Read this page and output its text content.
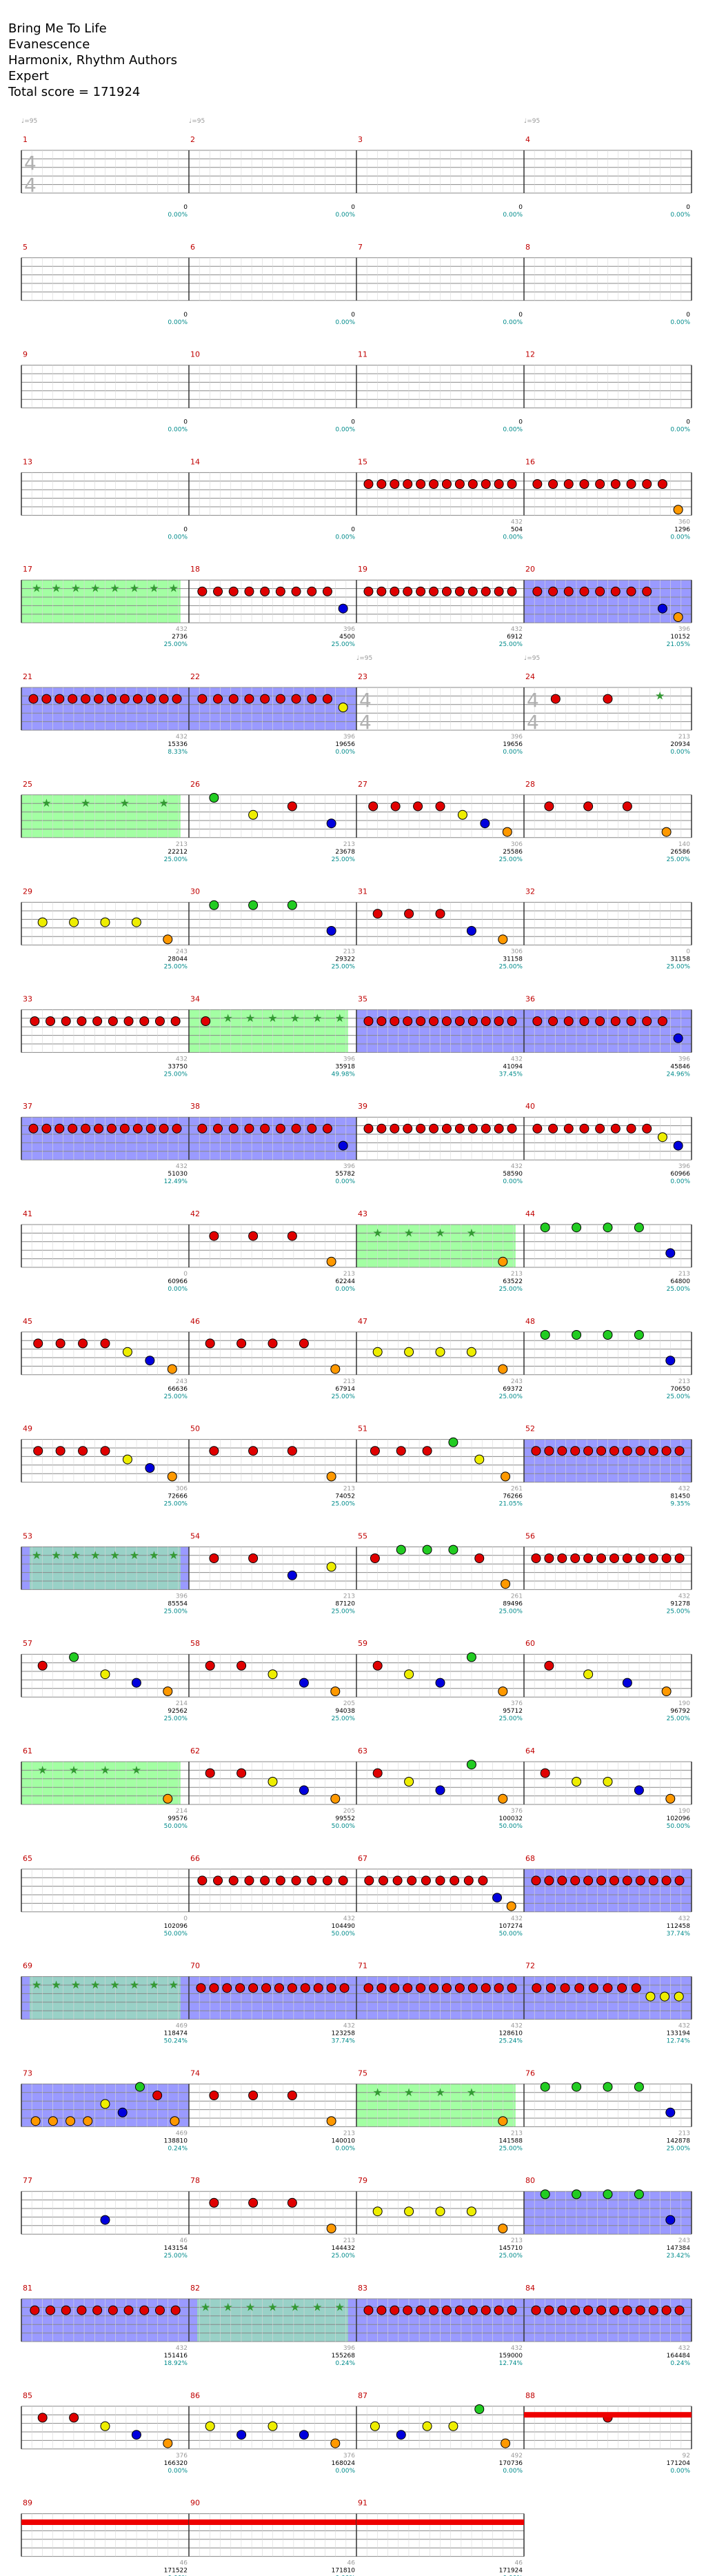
Bring Me To Life
Evanescence
Harmonix, Rhythm Authors
Expert
Total score = 171924
1
♩=95
4
4
0
0.00%
2
♩=95
0
0.00%
3
0
0.00%
4
♩=95
0
0.00%
5
0
0.00%
6
0
0.00%
7
0
0.00%
8
0
0.00%
9
0
0.00%
10
0
0.00%
11
0
0.00%
12
0
0.00%
13
0
0.00%
14
0
0.00%
15
432
504
0.00%
16
360
1296
0.00%
17
★ ★ ★ ★ ★ ★ ★ ★
432
2736
25.00%
18
396
4500
25.00%
19
432
6912
25.00%
20
396
10152
21.05%
21
432
15336
8.33%
22
396
19656
0.00%
23
♩=95
4
4
396
19656
0.00%
24
♩=95
4
4
★
213
20934
0.00%
25
★	★	★	★
213
22212
25.00%
26
213
23678
25.00%
27
306
25586
25.00%
28
140
26586
25.00%
29
243
28044
25.00%
30
213
29322
25.00%
31
306
31158
25.00%
32
0
31158
25.00%
33
432
33750
25.00%
34
★ ★ ★ ★ ★ ★
396
35918
49.98%
35
432
41094
37.45%
36
396
45846
24.96%
37
432
51030
12.49%
38
396
55782
0.00%
39
432
58590
0.00%
40
396
60966
0.00%
41
0
60966
0.00%
42
213
62244
0.00%
43
★ ★ ★ ★
213
63522
25.00%
44
213
64800
25.00%
45
243
66636
25.00%
46
213
67914
25.00%
47
243
69372
25.00%
48
213
70650
25.00%
49
306
72666
25.00%
50
213
74052
25.00%
51
261
76266
21.05%
52
432
81450
9.35%
53
★ ★ ★ ★ ★ ★ ★ ★
396
85554
25.00%
54
213
87120
25.00%
55
261
89496
25.00%
56
432
91278
25.00%
57
214
92562
25.00%
58
205
94038
25.00%
59
376
95712
25.00%
60
190
96792
25.00%
61
★ ★ ★ ★
214
99576
50.00%
62
205
99552
50.00%
63
376
100032
50.00%
64
190
102096
50.00%
65
0
102096
50.00%
66
432
104490
50.00%
67
432
107274
50.00%
68
432
112458
37.74%
69
★ ★ ★ ★ ★ ★ ★ ★
469
118474
50.24%
70
432
123258
37.74%
71
432
128610
25.24%
72
432
133194
12.74%
73
469
138810
0.24%
74
213
140010
0.00%
75
★ ★ ★ ★
213
141588
25.00%
76
213
142878
25.00%
77
46
143154
25.00%
78
213
144432
25.00%
79
213
145710
25.00%
80
243
147384
23.42%
81
432
151416
18.92%
82
★ ★ ★ ★ ★ ★ ★
396
155268
0.24%
83
432
159000
12.74%
84
432
164484
0.24%
85
376
166320
0.00%
86
376
168024
0.00%
87
492
170736
0.00%
88
92
171204
0.00%
89
46
171522
90
46
171810
91
46
171924
